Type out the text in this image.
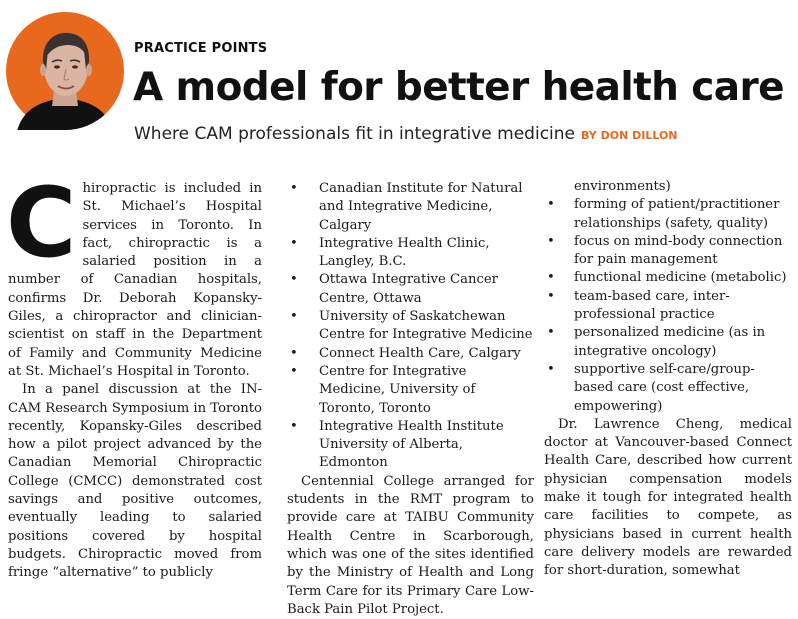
PRACTICE POINTS
A model for better health care
Where CAM professionals fit in integrative medicine BY DON DILLON

Chiropractic is included in St. Michael’s Hospital services in Toronto. In fact, chiropractic is a salaried position in a number of Canadian hospitals, confirms Dr. Deborah Kopansky-Giles, a chiropractor and clinician-scientist on staff in the Department of Family and Community Medicine at St. Michael’s Hospital in Toronto.

In a panel discussion at the IN-CAM Research Symposium in Toronto recently, Kopansky-Giles described how a pilot project advanced by the Canadian Memorial Chiropractic College (CMCC) demonstrated cost savings and positive outcomes, eventually leading to salaried positions covered by hospital budgets. Chiropractic moved from fringe “alternative” to publicly

• Canadian Institute for Natural and Integrative Medicine, Calgary
• Integrative Health Clinic, Langley, B.C.
• Ottawa Integrative Cancer Centre, Ottawa
• University of Saskatchewan Centre for Integrative Medicine
• Connect Health Care, Calgary
• Centre for Integrative Medicine, University of Toronto, Toronto
• Integrative Health Institute University of Alberta, Edmonton

Centennial College arranged for students in the RMT program to provide care at TAIBU Community Health Centre in Scarborough, which was one of the sites identified by the Ministry of Health and Long Term Care for its Primary Care Low-Back Pain Pilot Project.

environments)
• forming of patient/practitioner relationships (safety, quality)
• focus on mind-body connection for pain management
• functional medicine (metabolic)
• team-based care, inter-professional practice
• personalized medicine (as in integrative oncology)
• supportive self-care/group-based care (cost effective, empowering)

Dr. Lawrence Cheng, medical doctor at Vancouver-based Connect Health Care, described how current physician compensation models make it tough for integrated health care facilities to compete, as physicians based in current health care delivery models are rewarded for short-duration, somewhat
